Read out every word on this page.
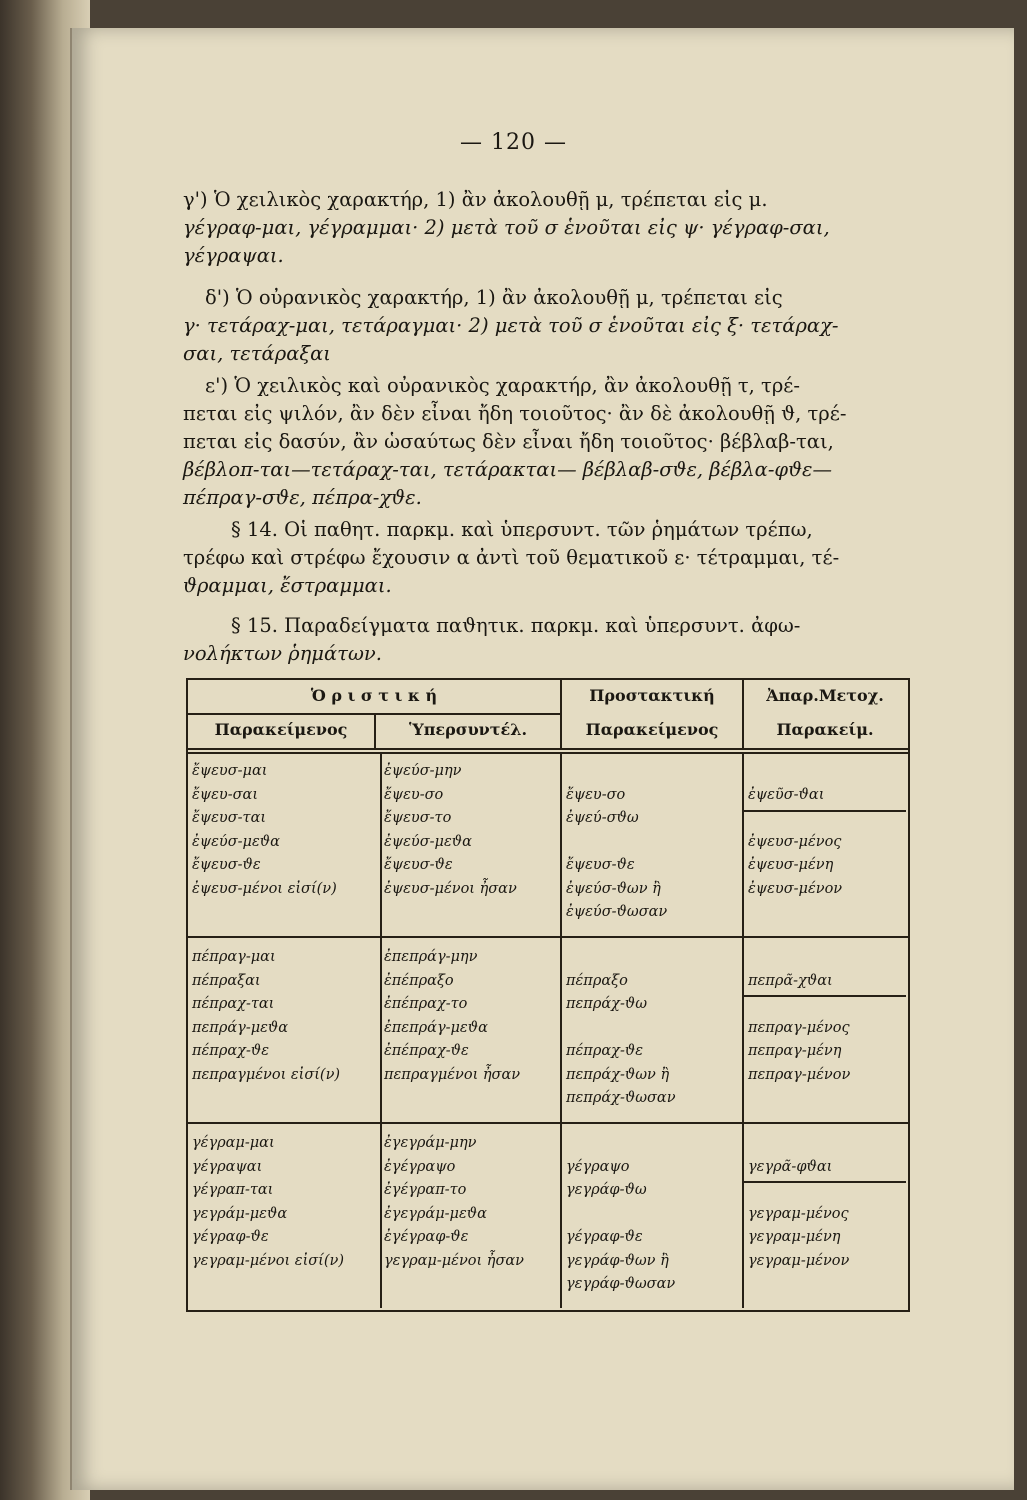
— 120 —
γ') Ὁ χειλικὸς χαρακτήρ, 1) ἂν ἀκολουθῇ μ, τρέπεται εἰς μ.
γέγραφ-μαι, γέγραμμαι· 2) μετὰ τοῦ σ ἑνοῦται εἰς ψ· γέγραφ-σαι,
γέγραψαι.
δ') Ὁ οὐρανικὸς χαρακτήρ, 1) ἂν ἀκολουθῇ μ, τρέπεται εἰς
γ· τετάραχ-μαι, τετάραγμαι· 2) μετὰ τοῦ σ ἑνοῦται εἰς ξ· τετάραχ-
σαι, τετάραξαι
ε') Ὁ χειλικὸς καὶ οὐρανικὸς χαρακτήρ, ἂν ἀκολουθῇ τ, τρέ-
πεται εἰς ψιλόν, ἂν δὲν εἶναι ἤδη τοιοῦτος· ἂν δὲ ἀκολουθῇ ϑ, τρέ-
πεται εἰς δασύν, ἂν ὡσαύτως δὲν εἶναι ἤδη τοιοῦτος· βέβλαβ-ται,
βέβλοπ-ται—τετάραχ-ται, τετάρακται— βέβλαβ-σϑε, βέβλα-φϑε—
πέπραγ-σϑε, πέπρα-χϑε.
§ 14. Οἱ παθητ. παρκμ. καὶ ὑπερσυντ. τῶν ῥημάτων τρέπω,
τρέφω καὶ στρέφω ἔχουσιν α ἀντὶ τοῦ θεματικοῦ ε· τέτραμμαι, τέ-
ϑραμμαι, ἔστραμμαι.
§ 15. Παραδείγματα παϑητικ. παρκμ. καὶ ὑπερσυντ. ἀφω-
νολήκτων ῥημάτων.
Ὁ ρ ι σ τ ι κ ή
Παρακείμενος	Ὑπερσυντέλ.
Προστακτική
Παρακείμενος
Ἀπαρ.Μετοχ.
Παρακείμ.
ἔψευσ-μαι
ἔψευ-σαι
ἔψευσ-ται
ἐψεύσ-μεϑα
ἔψευσ-ϑε
ἐψευσ-μένοι εἰσί(ν)
ἐψεύσ-μην
ἔψευ-σο
ἔψευσ-το
ἐψεύσ-μεϑα
ἔψευσ-ϑε
ἐψευσ-μένοι ἦσαν
ἔψευ-σο
ἐψεύ-σϑω
ἔψευσ-ϑε
ἐψεύσ-ϑων ἢ
ἐψεύσ-ϑωσαν
ἐψεῦσ-ϑαι
ἐψευσ-μένος
ἐψευσ-μένη
ἐψευσ-μένον
πέπραγ-μαι
πέπραξαι
πέπραχ-ται
πεπράγ-μεϑα
πέπραχ-ϑε
πεπραγμένοι εἰσί(ν)
ἐπεπράγ-μην
ἐπέπραξο
ἐπέπραχ-το
ἐπεπράγ-μεϑα
ἐπέπραχ-ϑε
πεπραγμένοι ἦσαν
πέπραξο
πεπράχ-ϑω
πέπραχ-ϑε
πεπράχ-ϑων ἢ
πεπράχ-ϑωσαν
πεπρᾶ-χϑαι
πεπραγ-μένος
πεπραγ-μένη
πεπραγ-μένον
γέγραμ-μαι
γέγραψαι
γέγραπ-ται
γεγράμ-μεϑα
γέγραφ-ϑε
γεγραμ-μένοι εἰσί(ν)
ἐγεγράμ-μην
ἐγέγραψο
ἐγέγραπ-το
ἐγεγράμ-μεϑα
ἐγέγραφ-ϑε
γεγραμ-μένοι ἦσαν
γέγραψο
γεγράφ-ϑω
γέγραφ-ϑε
γεγράφ-ϑων ἢ
γεγράφ-ϑωσαν
γεγρᾶ-φϑαι
γεγραμ-μένος
γεγραμ-μένη
γεγραμ-μένον
